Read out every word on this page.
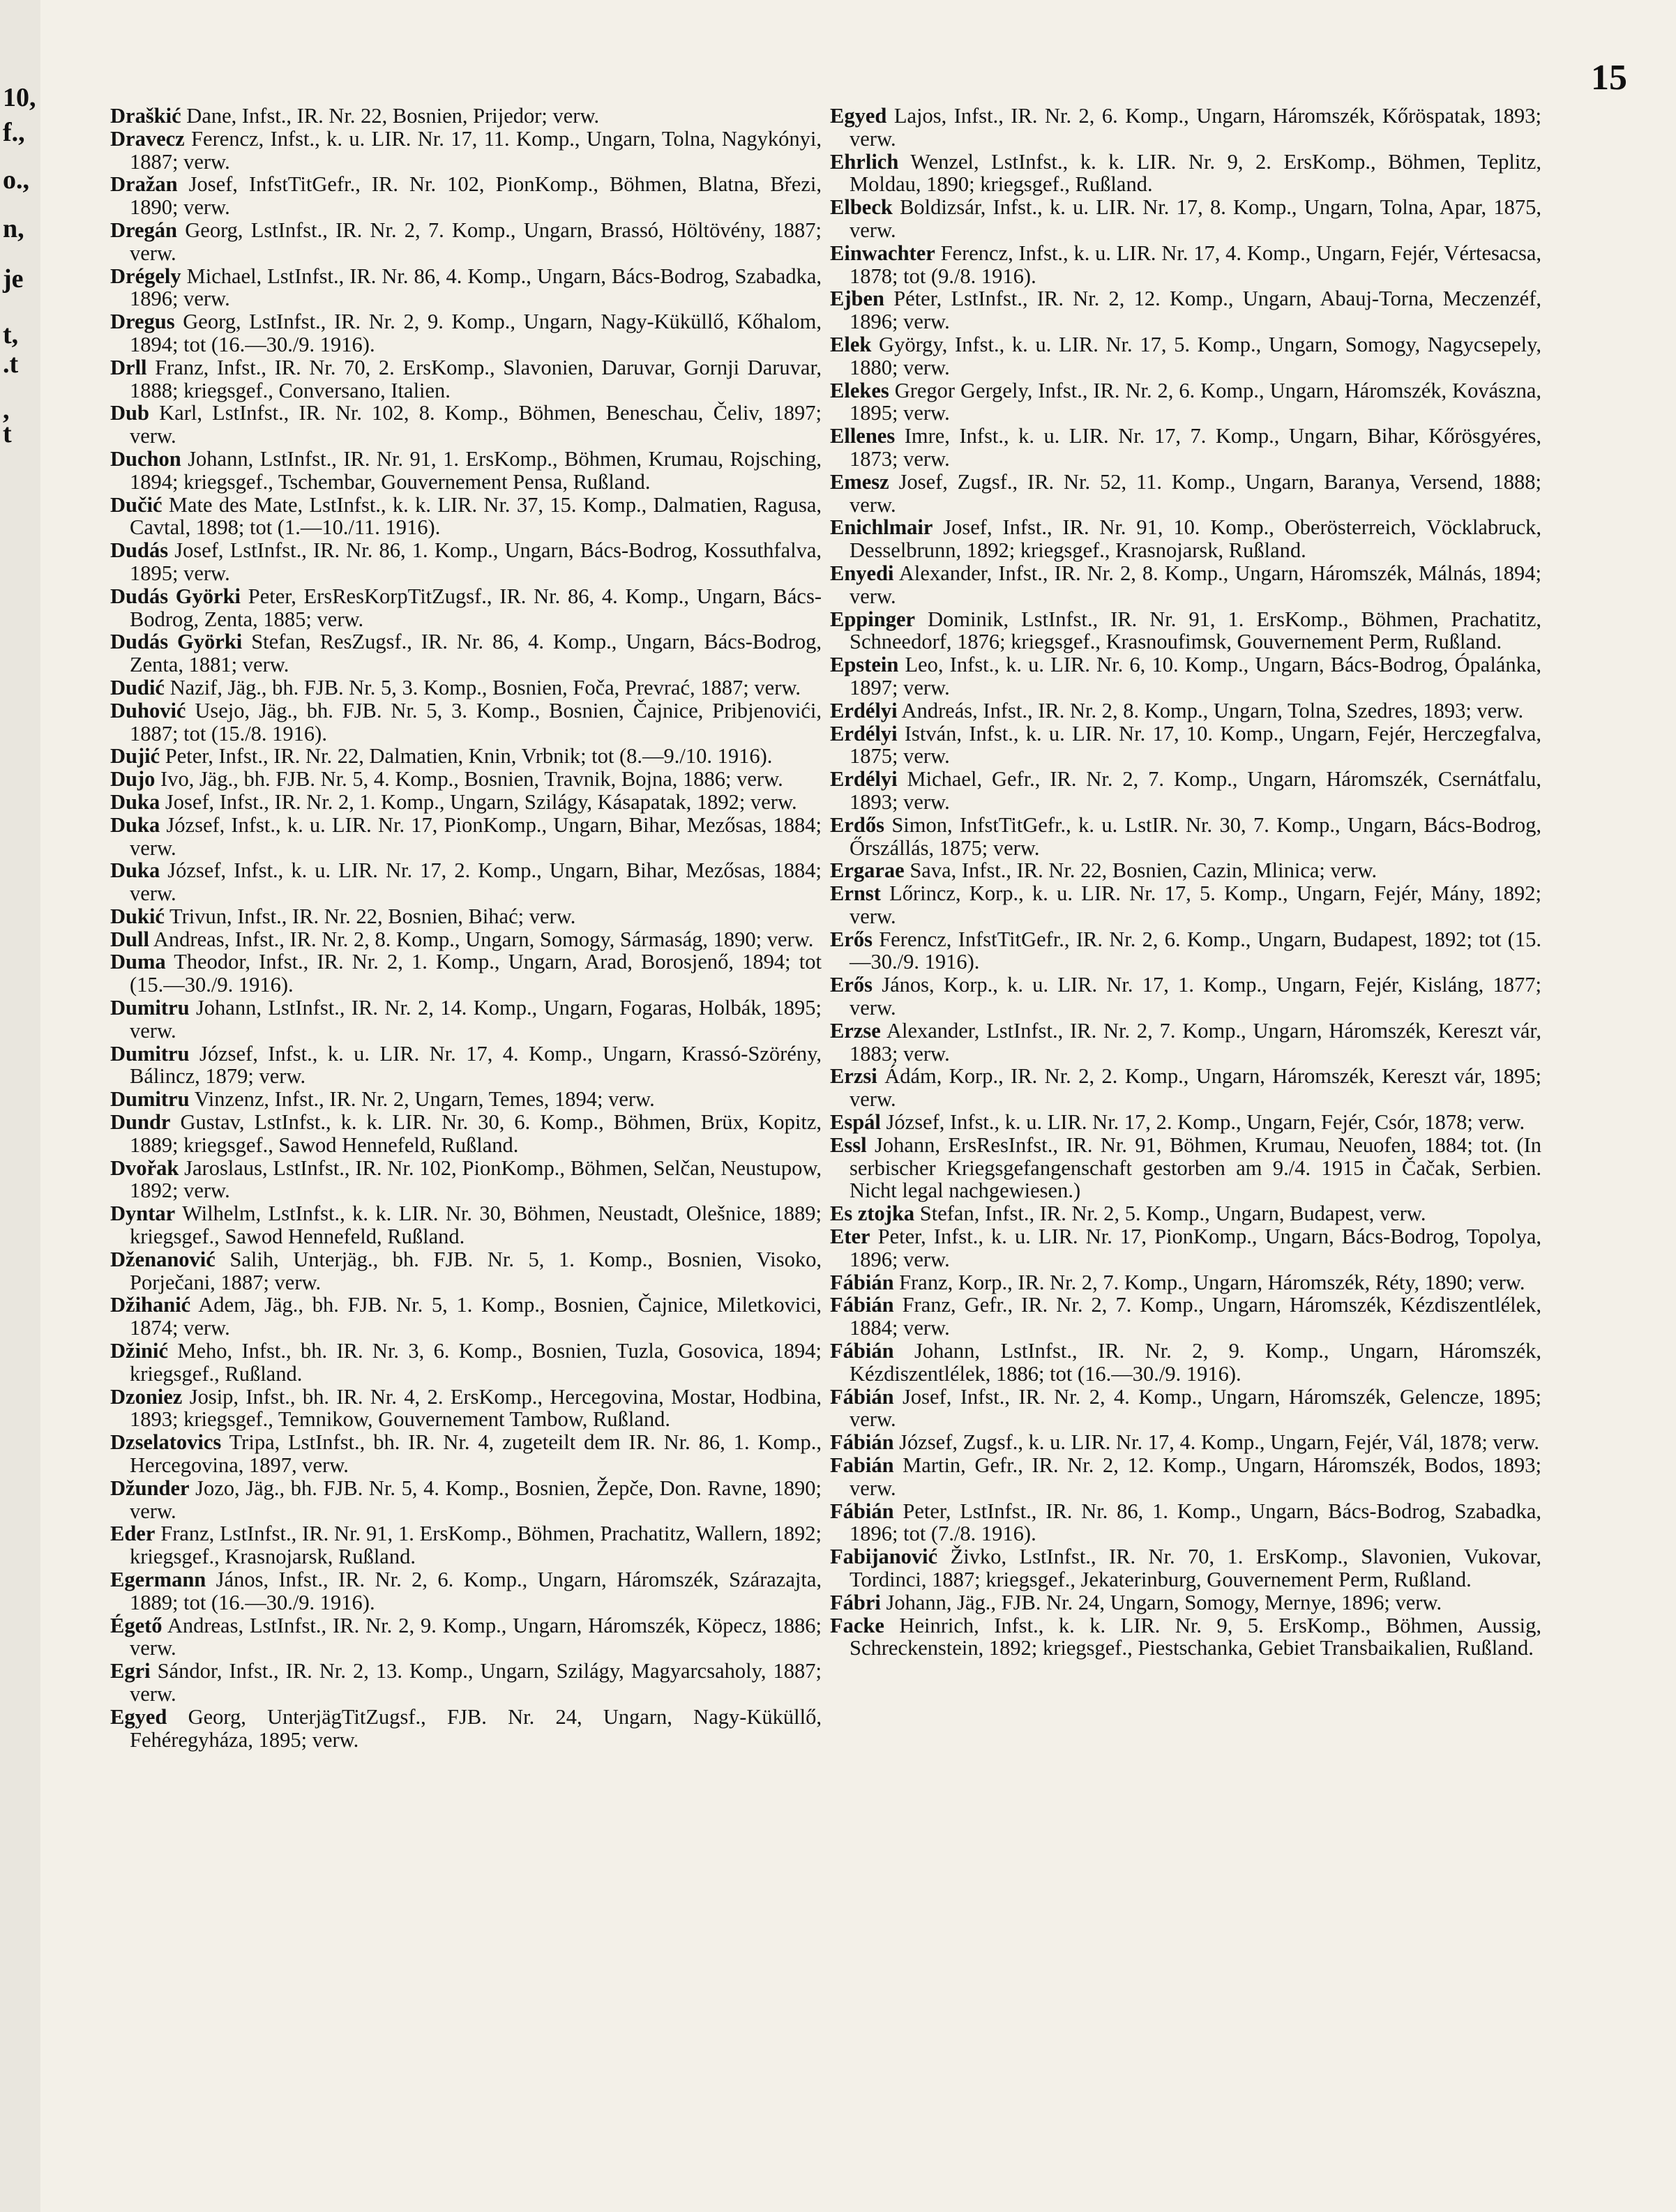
10,
f.,
o.,
n,
je
t,
.t
,
t
15
Draškić Dane, Infst., IR. Nr. 22, Bosnien, Prijedor; verw.
Dravecz Ferencz, Infst., k. u. LIR. Nr. 17, 11. Komp., Ungarn, Tolna, Nagykónyi, 1887; verw.
Dražan Josef, InfstTitGefr., IR. Nr. 102, PionKomp., Böhmen, Blatna, Březi, 1890; verw.
Dregán Georg, LstInfst., IR. Nr. 2, 7. Komp., Ungarn, Brassó, Höltövény, 1887; verw.
Drégely Michael, LstInfst., IR. Nr. 86, 4. Komp., Ungarn, Bács-Bodrog, Szabadka, 1896; verw.
Dregus Georg, LstInfst., IR. Nr. 2, 9. Komp., Ungarn, Nagy-Küküllő, Kőhalom, 1894; tot (16.—30./9. 1916).
Drll Franz, Infst., IR. Nr. 70, 2. ErsKomp., Slavonien, Daruvar, Gornji Daruvar, 1888; kriegsgef., Conversano, Italien.
Dub Karl, LstInfst., IR. Nr. 102, 8. Komp., Böhmen, Beneschau, Čeliv, 1897; verw.
Duchon Johann, LstInfst., IR. Nr. 91, 1. ErsKomp., Böhmen, Krumau, Rojsching, 1894; kriegsgef., Tschembar, Gouvernement Pensa, Rußland.
Dučić Mate des Mate, LstInfst., k. k. LIR. Nr. 37, 15. Komp., Dalmatien, Ragusa, Cavtal, 1898; tot (1.—10./11. 1916).
Dudás Josef, LstInfst., IR. Nr. 86, 1. Komp., Ungarn, Bács-Bodrog, Kossuthfalva, 1895; verw.
Dudás Györki Peter, ErsResKorpTitZugsf., IR. Nr. 86, 4. Komp., Ungarn, Bács-Bodrog, Zenta, 1885; verw.
Dudás Györki Stefan, ResZugsf., IR. Nr. 86, 4. Komp., Ungarn, Bács-Bodrog, Zenta, 1881; verw.
Dudić Nazif, Jäg., bh. FJB. Nr. 5, 3. Komp., Bosnien, Foča, Prevrać, 1887; verw.
Duhović Usejo, Jäg., bh. FJB. Nr. 5, 3. Komp., Bosnien, Čajnice, Pribjenovići, 1887; tot (15./8. 1916).
Dujić Peter, Infst., IR. Nr. 22, Dalmatien, Knin, Vrbnik; tot (8.—9./10. 1916).
Dujo Ivo, Jäg., bh. FJB. Nr. 5, 4. Komp., Bosnien, Travnik, Bojna, 1886; verw.
Duka Josef, Infst., IR. Nr. 2, 1. Komp., Ungarn, Szilágy, Kásapatak, 1892; verw.
Duka József, Infst., k. u. LIR. Nr. 17, PionKomp., Ungarn, Bihar, Mezősas, 1884; verw.
Duka József, Infst., k. u. LIR. Nr. 17, 2. Komp., Ungarn, Bihar, Mezősas, 1884; verw.
Dukić Trivun, Infst., IR. Nr. 22, Bosnien, Bihać; verw.
Dull Andreas, Infst., IR. Nr. 2, 8. Komp., Ungarn, Somogy, Sármaság, 1890; verw.
Duma Theodor, Infst., IR. Nr. 2, 1. Komp., Ungarn, Arad, Borosjenő, 1894; tot (15.—30./9. 1916).
Dumitru Johann, LstInfst., IR. Nr. 2, 14. Komp., Ungarn, Fogaras, Holbák, 1895; verw.
Dumitru József, Infst., k. u. LIR. Nr. 17, 4. Komp., Ungarn, Krassó-Szörény, Bálincz, 1879; verw.
Dumitru Vinzenz, Infst., IR. Nr. 2, Ungarn, Temes, 1894; verw.
Dundr Gustav, LstInfst., k. k. LIR. Nr. 30, 6. Komp., Böhmen, Brüx, Kopitz, 1889; kriegsgef., Sawod Hennefeld, Rußland.
Dvořak Jaroslaus, LstInfst., IR. Nr. 102, PionKomp., Böhmen, Selčan, Neustupow, 1892; verw.
Dyntar Wilhelm, LstInfst., k. k. LIR. Nr. 30, Böhmen, Neustadt, Olešnice, 1889; kriegsgef., Sawod Hennefeld, Rußland.
Dženanović Salih, Unterjäg., bh. FJB. Nr. 5, 1. Komp., Bosnien, Visoko, Porječani, 1887; verw.
Džihanić Adem, Jäg., bh. FJB. Nr. 5, 1. Komp., Bosnien, Čajnice, Miletkovici, 1874; verw.
Džinić Meho, Infst., bh. IR. Nr. 3, 6. Komp., Bosnien, Tuzla, Gosovica, 1894; kriegsgef., Rußland.
Dzoniez Josip, Infst., bh. IR. Nr. 4, 2. ErsKomp., Hercegovina, Mostar, Hodbina, 1893; kriegsgef., Temnikow, Gouvernement Tambow, Rußland.
Dzselatovics Tripa, LstInfst., bh. IR. Nr. 4, zugeteilt dem IR. Nr. 86, 1. Komp., Hercegovina, 1897, verw.
Džunder Jozo, Jäg., bh. FJB. Nr. 5, 4. Komp., Bosnien, Žepče, Don. Ravne, 1890; verw.
Eder Franz, LstInfst., IR. Nr. 91, 1. ErsKomp., Böhmen, Prachatitz, Wallern, 1892; kriegsgef., Krasnojarsk, Rußland.
Egermann János, Infst., IR. Nr. 2, 6. Komp., Ungarn, Háromszék, Szárazajta, 1889; tot (16.—30./9. 1916).
Égető Andreas, LstInfst., IR. Nr. 2, 9. Komp., Ungarn, Háromszék, Köpecz, 1886; verw.
Egri Sándor, Infst., IR. Nr. 2, 13. Komp., Ungarn, Szilágy, Magyarcsaholy, 1887; verw.
Egyed Georg, UnterjägTitZugsf., FJB. Nr. 24, Ungarn, Nagy-Küküllő, Fehéregyháza, 1895; verw.
Egyed Lajos, Infst., IR. Nr. 2, 6. Komp., Ungarn, Háromszék, Kőröspatak, 1893; verw.
Ehrlich Wenzel, LstInfst., k. k. LIR. Nr. 9, 2. ErsKomp., Böhmen, Teplitz, Moldau, 1890; kriegsgef., Rußland.
Elbeck Boldizsár, Infst., k. u. LIR. Nr. 17, 8. Komp., Ungarn, Tolna, Apar, 1875, verw.
Einwachter Ferencz, Infst., k. u. LIR. Nr. 17, 4. Komp., Ungarn, Fejér, Vértesacsa, 1878; tot (9./8. 1916).
Ejben Péter, LstInfst., IR. Nr. 2, 12. Komp., Ungarn, Abauj-Torna, Meczenzéf, 1896; verw.
Elek György, Infst., k. u. LIR. Nr. 17, 5. Komp., Ungarn, Somogy, Nagycsepely, 1880; verw.
Elekes Gregor Gergely, Infst., IR. Nr. 2, 6. Komp., Ungarn, Háromszék, Kovászna, 1895; verw.
Ellenes Imre, Infst., k. u. LIR. Nr. 17, 7. Komp., Ungarn, Bihar, Kőrösgyéres, 1873; verw.
Emesz Josef, Zugsf., IR. Nr. 52, 11. Komp., Ungarn, Baranya, Versend, 1888; verw.
Enichlmair Josef, Infst., IR. Nr. 91, 10. Komp., Oberösterreich, Vöcklabruck, Desselbrunn, 1892; kriegsgef., Krasnojarsk, Rußland.
Enyedi Alexander, Infst., IR. Nr. 2, 8. Komp., Ungarn, Háromszék, Málnás, 1894; verw.
Eppinger Dominik, LstInfst., IR. Nr. 91, 1. ErsKomp., Böhmen, Prachatitz, Schneedorf, 1876; kriegsgef., Krasnoufimsk, Gouvernement Perm, Rußland.
Epstein Leo, Infst., k. u. LIR. Nr. 6, 10. Komp., Ungarn, Bács-Bodrog, Ópalánka, 1897; verw.
Erdélyi Andreás, Infst., IR. Nr. 2, 8. Komp., Ungarn, Tolna, Szedres, 1893; verw.
Erdélyi István, Infst., k. u. LIR. Nr. 17, 10. Komp., Ungarn, Fejér, Herczegfalva, 1875; verw.
Erdélyi Michael, Gefr., IR. Nr. 2, 7. Komp., Ungarn, Háromszék, Csernátfalu, 1893; verw.
Erdős Simon, InfstTitGefr., k. u. LstIR. Nr. 30, 7. Komp., Ungarn, Bács-Bodrog, Őrszállás, 1875; verw.
Ergarae Sava, Infst., IR. Nr. 22, Bosnien, Cazin, Mlinica; verw.
Ernst Lőrincz, Korp., k. u. LIR. Nr. 17, 5. Komp., Ungarn, Fejér, Mány, 1892; verw.
Erős Ferencz, InfstTitGefr., IR. Nr. 2, 6. Komp., Ungarn, Budapest, 1892; tot (15.—30./9. 1916).
Erős János, Korp., k. u. LIR. Nr. 17, 1. Komp., Ungarn, Fejér, Kisláng, 1877; verw.
Erzse Alexander, LstInfst., IR. Nr. 2, 7. Komp., Ungarn, Háromszék, Kereszt vár, 1883; verw.
Erzsi Ádám, Korp., IR. Nr. 2, 2. Komp., Ungarn, Háromszék, Kereszt vár, 1895; verw.
Espál József, Infst., k. u. LIR. Nr. 17, 2. Komp., Ungarn, Fejér, Csór, 1878; verw.
Essl Johann, ErsResInfst., IR. Nr. 91, Böhmen, Krumau, Neuofen, 1884; tot. (In serbischer Kriegsgefangenschaft gestorben am 9./4. 1915 in Čačak, Serbien. Nicht legal nachgewiesen.)
Es ztojka Stefan, Infst., IR. Nr. 2, 5. Komp., Ungarn, Budapest, verw.
Eter Peter, Infst., k. u. LIR. Nr. 17, PionKomp., Ungarn, Bács-Bodrog, Topolya, 1896; verw.
Fábián Franz, Korp., IR. Nr. 2, 7. Komp., Ungarn, Háromszék, Réty, 1890; verw.
Fábián Franz, Gefr., IR. Nr. 2, 7. Komp., Ungarn, Háromszék, Kézdiszentlélek, 1884; verw.
Fábián Johann, LstInfst., IR. Nr. 2, 9. Komp., Ungarn, Háromszék, Kézdiszentlélek, 1886; tot (16.—30./9. 1916).
Fábián Josef, Infst., IR. Nr. 2, 4. Komp., Ungarn, Háromszék, Gelencze, 1895; verw.
Fábián József, Zugsf., k. u. LIR. Nr. 17, 4. Komp., Ungarn, Fejér, Vál, 1878; verw.
Fabián Martin, Gefr., IR. Nr. 2, 12. Komp., Ungarn, Háromszék, Bodos, 1893; verw.
Fábián Peter, LstInfst., IR. Nr. 86, 1. Komp., Ungarn, Bács-Bodrog, Szabadka, 1896; tot (7./8. 1916).
Fabijanović Živko, LstInfst., IR. Nr. 70, 1. ErsKomp., Slavonien, Vukovar, Tordinci, 1887; kriegsgef., Jekaterinburg, Gouvernement Perm, Rußland.
Fábri Johann, Jäg., FJB. Nr. 24, Ungarn, Somogy, Mernye, 1896; verw.
Facke Heinrich, Infst., k. k. LIR. Nr. 9, 5. ErsKomp., Böhmen, Aussig, Schreckenstein, 1892; kriegsgef., Piestschanka, Gebiet Transbaikalien, Rußland.
